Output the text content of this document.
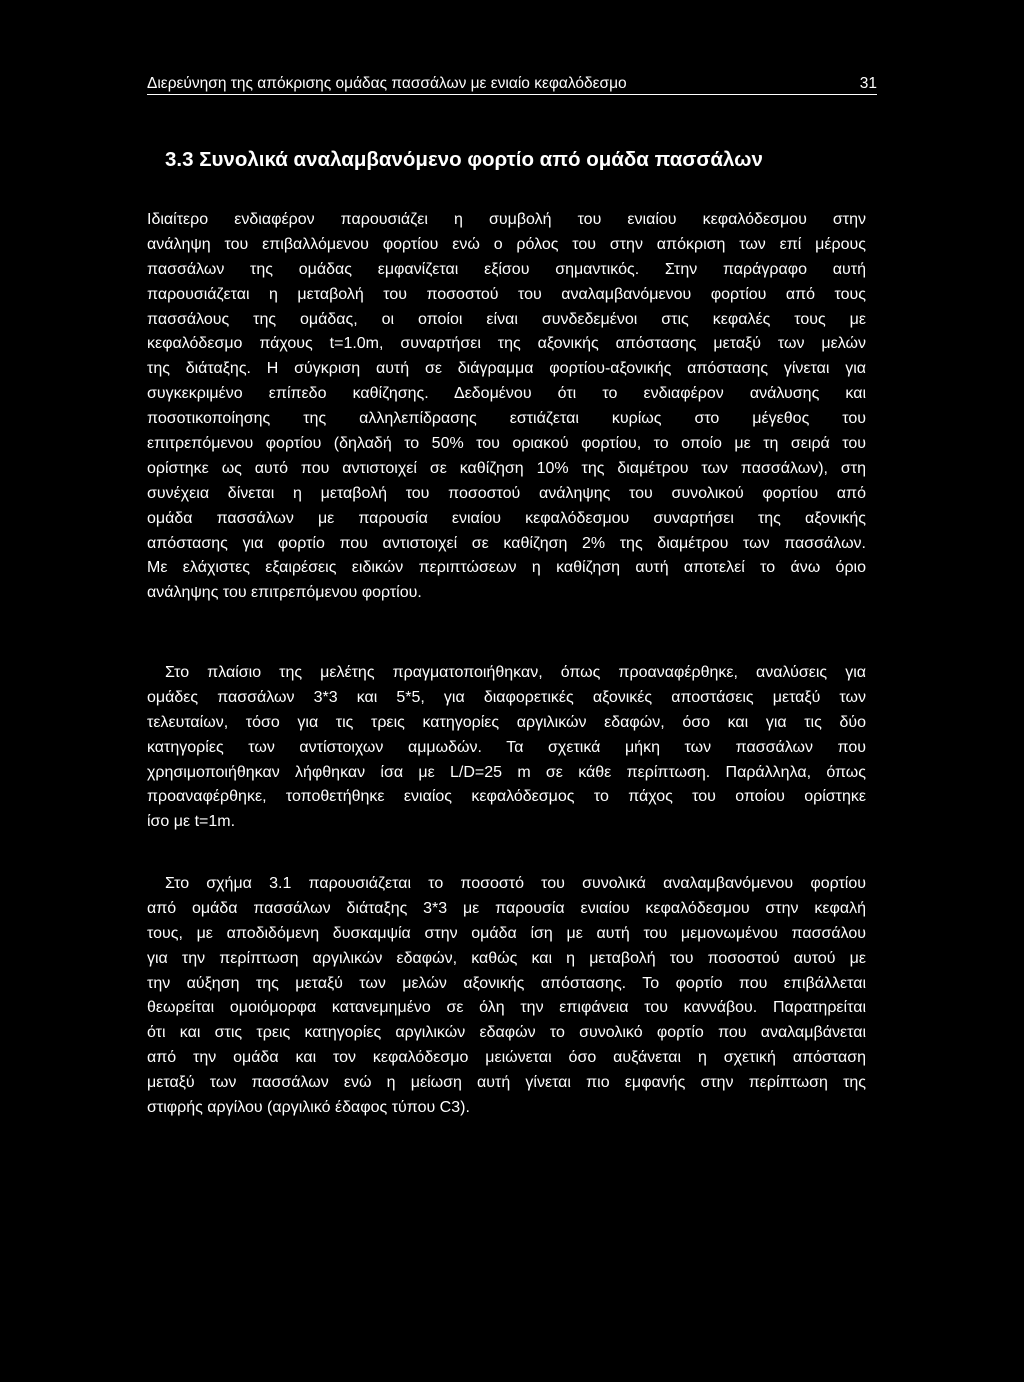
Διερεύνηση της απόκρισης ομάδας πασσάλων με ενιαίο κεφαλόδεσμο	31
3.3 Συνολικά αναλαμβανόμενο φορτίο από ομάδα πασσάλων
Ιδιαίτερο ενδιαφέρον παρουσιάζει η συμβολή του ενιαίου κεφαλόδεσμου στην
ανάληψη του επιβαλλόμενου φορτίου ενώ ο ρόλος του στην απόκριση των επί μέρους
πασσάλων της ομάδας εμφανίζεται εξίσου σημαντικός. Στην παράγραφο αυτή
παρουσιάζεται η μεταβολή του ποσοστού του αναλαμβανόμενου φορτίου από τους
πασσάλους της ομάδας, οι οποίοι είναι συνδεδεμένοι στις κεφαλές τους με
κεφαλόδεσμο πάχους t=1.0m, συναρτήσει της αξονικής απόστασης μεταξύ των μελών
της διάταξης. Η σύγκριση αυτή σε διάγραμμα φορτίου-αξονικής απόστασης γίνεται για
συγκεκριμένο επίπεδο καθίζησης. Δεδομένου ότι το ενδιαφέρον ανάλυσης και
ποσοτικοποίησης της αλληλεπίδρασης εστιάζεται κυρίως στο μέγεθος του
επιτρεπόμενου φορτίου (δηλαδή το 50% του οριακού φορτίου, το οποίο με τη σειρά του
ορίστηκε ως αυτό που αντιστοιχεί σε καθίζηση 10% της διαμέτρου των πασσάλων), στη
συνέχεια δίνεται η μεταβολή του ποσοστού ανάληψης του συνολικού φορτίου από
ομάδα πασσάλων με παρουσία ενιαίου κεφαλόδεσμου συναρτήσει της αξονικής
απόστασης για φορτίο που αντιστοιχεί σε καθίζηση 2% της διαμέτρου των πασσάλων.
Με ελάχιστες εξαιρέσεις ειδικών περιπτώσεων η καθίζηση αυτή αποτελεί το άνω όριο
ανάληψης του επιτρεπόμενου φορτίου.
Στο πλαίσιο της μελέτης πραγματοποιήθηκαν, όπως προαναφέρθηκε, αναλύσεις για
ομάδες πασσάλων 3*3 και 5*5, για διαφορετικές αξονικές αποστάσεις μεταξύ των
τελευταίων, τόσο για τις τρεις κατηγορίες αργιλικών εδαφών, όσο και για τις δύο
κατηγορίες των αντίστοιχων αμμωδών. Τα σχετικά μήκη των πασσάλων που
χρησιμοποιήθηκαν λήφθηκαν ίσα με L/D=25 m σε κάθε περίπτωση. Παράλληλα, όπως
προαναφέρθηκε, τοποθετήθηκε ενιαίος κεφαλόδεσμος το πάχος του οποίου ορίστηκε
ίσο με t=1m.
Στο σχήμα 3.1 παρουσιάζεται το ποσοστό του συνολικά αναλαμβανόμενου φορτίου
από ομάδα πασσάλων διάταξης 3*3 με παρουσία ενιαίου κεφαλόδεσμου στην κεφαλή
τους, με αποδιδόμενη δυσκαμψία στην ομάδα ίση με αυτή του μεμονωμένου πασσάλου
για την περίπτωση αργιλικών εδαφών, καθώς και η μεταβολή του ποσοστού αυτού με
την αύξηση της μεταξύ των μελών αξονικής απόστασης. Το φορτίο που επιβάλλεται
θεωρείται ομοιόμορφα κατανεμημένο σε όλη την επιφάνεια του καννάβου. Παρατηρείται
ότι και στις τρεις κατηγορίες αργιλικών εδαφών το συνολικό φορτίο που αναλαμβάνεται
από την ομάδα και τον κεφαλόδεσμο μειώνεται όσο αυξάνεται η σχετική απόσταση
μεταξύ των πασσάλων ενώ η μείωση αυτή γίνεται πιο εμφανής στην περίπτωση της
στιφρής αργίλου (αργιλικό έδαφος τύπου C3).
